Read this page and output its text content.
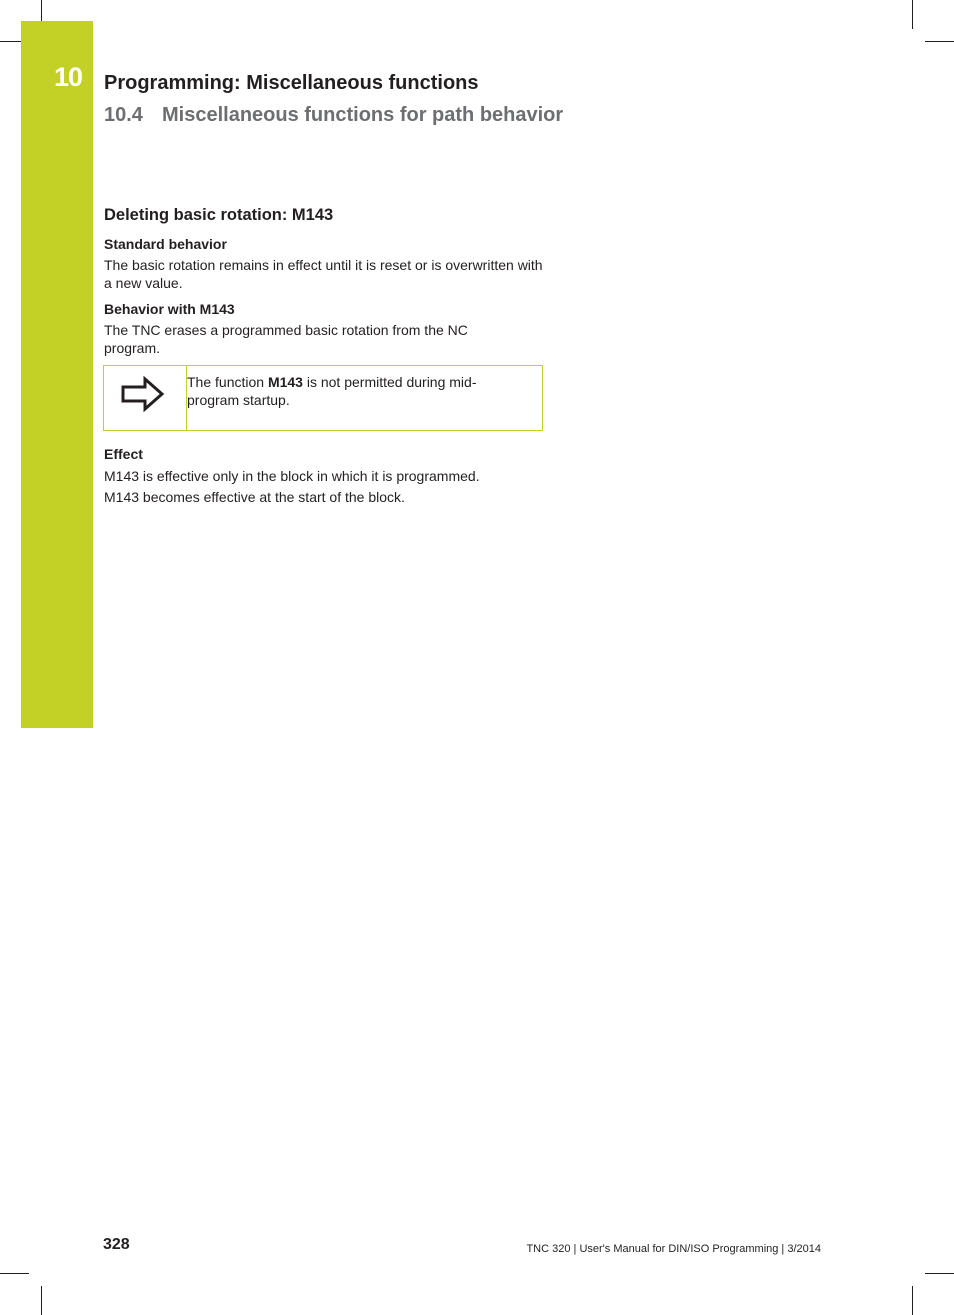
10 Programming: Miscellaneous functions
10.4 Miscellaneous functions for path behavior
Deleting basic rotation: M143
Standard behavior
The basic rotation remains in effect until it is reset or is overwritten with a new value.
Behavior with M143
The TNC erases a programmed basic rotation from the NC program.
The function M143 is not permitted during mid-program startup.
Effect
M143 is effective only in the block in which it is programmed.
M143 becomes effective at the start of the block.
328	TNC 320 | User's Manual for DIN/ISO Programming | 3/2014
